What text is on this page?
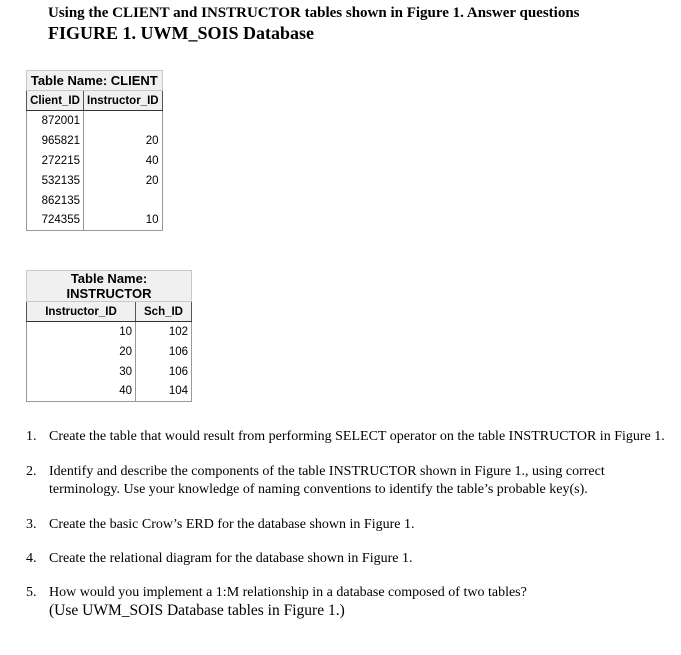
Using the CLIENT and INSTRUCTOR tables shown in Figure 1. Answer questions
FIGURE 1. UWM_SOIS Database
Table Name: CLIENT	
Client_ID	Instructor_ID
872001	
965821	20
272215	40
532135	20
862135	
724355	10
Table Name: INSTRUCTOR	
Instructor_ID	Sch_ID
10	102
20	106
30	106
40	104
1. Create the table that would result from performing SELECT operator on the table INSTRUCTOR in Figure 1.
2. Identify and describe the components of the table INSTRUCTOR shown in Figure 1., using correct terminology. Use your knowledge of naming conventions to identify the table’s probable key(s).
3. Create the basic Crow’s ERD for the database shown in Figure 1.
4. Create the relational diagram for the database shown in Figure 1.
5. How would you implement a 1:M relationship in a database composed of two tables?
(Use UWM_SOIS Database tables in Figure 1.)
